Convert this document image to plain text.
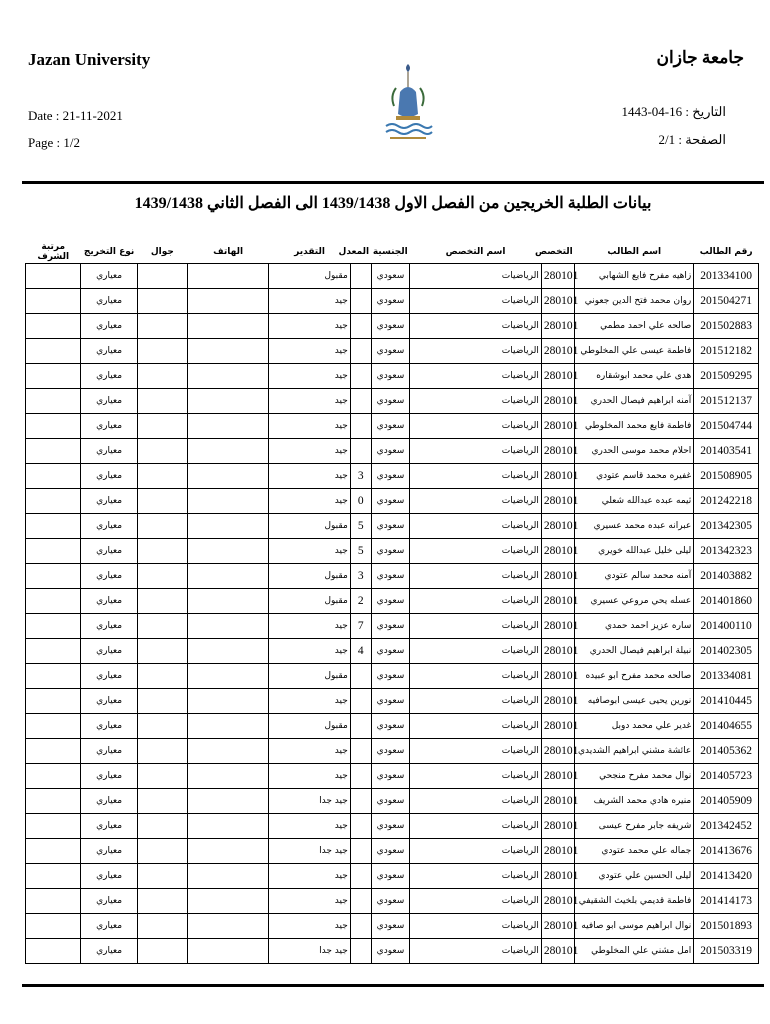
Jazan University	جامعة جازان
Date : 21-11-2021
Page : 1/2
التاريخ : 16-04-1443
الصفحة : 2/1
بيانات الطلبة الخريجين من الفصل الاول 1439/1438 الى الفصل الثاني 1439/1438
رقم الطالب	اسم الطالب	التخصص	اسم التخصص	الجنسية	المعدل	التقدير	الهاتف	جوال	نوع التخريج	مرتبة الشرف
201334100	زاهيه مفرح فايع الشهابي	280101	الرياضيات	سعودي		مقبول			معياري	
201504271	روان محمد فتح الدين جعوني	280101	الرياضيات	سعودي		جيد			معياري	
201502883	صالحه علي احمد مطمي	280101	الرياضيات	سعودي		جيد			معياري	
201512182	فاطمة عيسى علي المخلوطي	280101	الرياضيات	سعودي		جيد			معياري	
201509295	هدى علي محمد ابوشقاره	280101	الرياضيات	سعودي		جيد			معياري	
201512137	آمنه ابراهيم فيصال الحدري	280101	الرياضيات	سعودي		جيد			معياري	
201504744	فاطمة فايع محمد المخلوطي	280101	الرياضيات	سعودي		جيد			معياري	
201403541	احلام محمد موسى الحدري	280101	الرياضيات	سعودي		جيد			معياري	
201508905	غفيره محمد قاسم عتودي	280101	الرياضيات	سعودي	3	جيد			معياري	
201242218	ثيمه عبده عبدالله شعلي	280101	الرياضيات	سعودي	0	جيد			معياري	
201342305	عبرانه عبده محمد عسيري	280101	الرياضيات	سعودي	5	مقبول			معياري	
201342323	ليلى خليل عبدالله خويري	280101	الرياضيات	سعودي	5	جيد			معياري	
201403882	آمنه محمد سالم عتودي	280101	الرياضيات	سعودي	3	مقبول			معياري	
201401860	عسله يحي مروعي عسيري	280101	الرياضيات	سعودي	2	مقبول			معياري	
201400110	ساره عزيز احمد حمدي	280101	الرياضيات	سعودي	7	جيد			معياري	
201402305	نبيلة ابراهيم فيصال الحدري	280101	الرياضيات	سعودي	4	جيد			معياري	
201334081	صالحه محمد مفرح ابو عبيده	280101	الرياضيات	سعودي		مقبول			معياري	
201410445	نورين يحيى عيسى ابوصافيه	280101	الرياضيات	سعودي		جيد			معياري	
201404655	غدير علي محمد دوبل	280101	الرياضيات	سعودي		مقبول			معياري	
201405362	عائشة مشني ابراهيم الشديدي	280101	الرياضيات	سعودي		جيد			معياري	
201405723	نوال محمد مفرح منجحي	280101	الرياضيات	سعودي		جيد			معياري	
201405909	منيره هادي محمد الشريف	280101	الرياضيات	سعودي		جيد جدا			معياري	
201342452	شريفه جابر مفرح عيسى	280101	الرياضيات	سعودي		جيد			معياري	
201413676	جماله علي محمد عتودي	280101	الرياضيات	سعودي		جيد جدا			معياري	
201413420	ليلى الحسين علي عتودي	280101	الرياضيات	سعودي		جيد			معياري	
201414173	فاطمة قديمي بلخيث الشقيفي	280101	الرياضيات	سعودي		جيد			معياري	
201501893	نوال ابراهيم موسى ابو صافيه	280101	الرياضيات	سعودي		جيد			معياري	
201503319	امل مشني علي المخلوطي	280101	الرياضيات	سعودي		جيد جدا			معياري	
